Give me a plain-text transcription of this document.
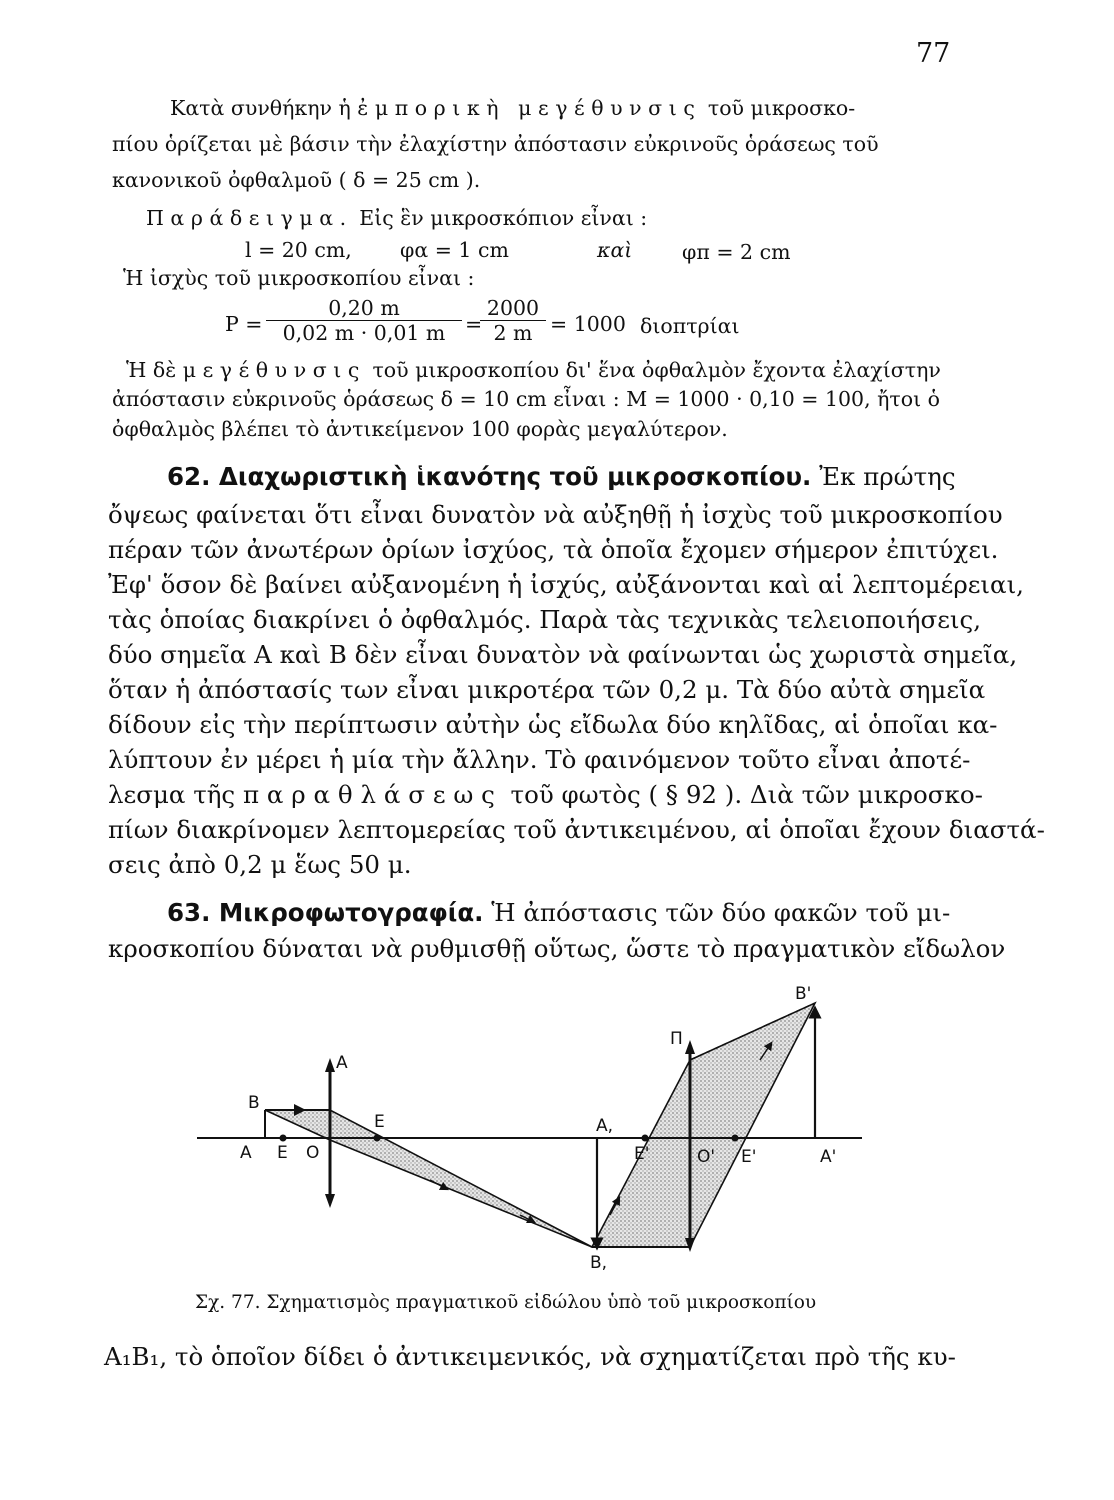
77
Κατὰ συνθήκην ἡ ἐμπορικὴ μεγέθυνσις τοῦ μικροσκο-
πίου ὁρίζεται μὲ βάσιν τὴν ἐλαχίστην ἀπόστασιν εὐκρινοῦς ὁράσεως τοῦ
κανονικοῦ ὀφθαλμοῦ ( δ = 25 cm ).
Παράδειγμα. Εἰς ἓν μικροσκόπιον εἶναι :
l = 20 cm, φα = 1 cm	καὶ φπ = 2 cm
Ἡ ἰσχὺς τοῦ μικροσκοπίου εἶναι :
$P = \frac{0,20 m}{0,02 m \cdot 0,01 m}$ =
$\frac{2000}{2 m} = 1000$ διοπτρίαι
Ἡ δὲ μεγέθυνσις τοῦ μικροσκοπίου δι' ἕνα ὀφθαλμὸν ἔχοντα ἐλαχίστην
ἀπόστασιν εὐκρινοῦς ὁράσεως δ = 10 cm εἶναι : M = 1000 · 0,10 = 100, ἤτοι ὁ
ὀφθαλμὸς βλέπει τὸ ἀντικείμενον 100 φορὰς μεγαλύτερον.
62. Διαχωριστικὴ ἱκανότης τοῦ μικροσκοπίου. Ἐκ πρώτης
ὄψεως φαίνεται ὅτι εἶναι δυνατὸν νὰ αὐξηθῇ ἡ ἰσχὺς τοῦ μικροσκοπίου
πέραν τῶν ἀνωτέρων ὁρίων ἰσχύος, τὰ ὁποῖα ἔχομεν σήμερον ἐπιτύχει.
Ἐφ' ὅσον δὲ βαίνει αὐξανομένη ἡ ἰσχύς, αὐξάνονται καὶ αἱ λεπτομέρειαι,
τὰς ὁποίας διακρίνει ὁ ὀφθαλμός. Παρὰ τὰς τεχνικὰς τελειοποιήσεις,
δύο σημεῖα A καὶ B δὲν εἶναι δυνατὸν νὰ φαίνωνται ὡς χωριστὰ σημεῖα,
ὅταν ἡ ἀπόστασίς των εἶναι μικροτέρα τῶν 0,2 μ. Τὰ δύο αὐτὰ σημεῖα
δίδουν εἰς τὴν περίπτωσιν αὐτὴν ὡς εἴδωλα δύο κηλῖδας, αἱ ὁποῖαι κα-
λύπτουν ἐν μέρει ἡ μία τὴν ἄλλην. Τὸ φαινόμενον τοῦτο εἶναι ἀποτέ-
λεσμα τῆς παραθλάσεως τοῦ φωτὸς ( § 92 ). Διὰ τῶν μικροσκο-
πίων διακρίνομεν λεπτομερείας τοῦ ἀντικειμένου, αἱ ὁποῖαι ἔχουν διαστά-
σεις ἀπὸ 0,2 μ ἕως 50 μ.
63. Μικροφωτογραφία. Ἡ ἀπόστασις τῶν δύο φακῶν τοῦ μι-
κροσκοπίου δύναται νὰ ρυθμισθῇ οὕτως, ὥστε τὸ πραγματικὸν εἴδωλον
B
A E O
E
A
A,
B,
E'
Π
O' E'	A'
B'
Σχ. 77. Σχηματισμὸς πραγματικοῦ εἰδώλου ὑπὸ τοῦ μικροσκοπίου
A₁B₁, τὸ ὁποῖον δίδει ὁ ἀντικειμενικός, νὰ σχηματίζεται πρὸ τῆς κυ-
